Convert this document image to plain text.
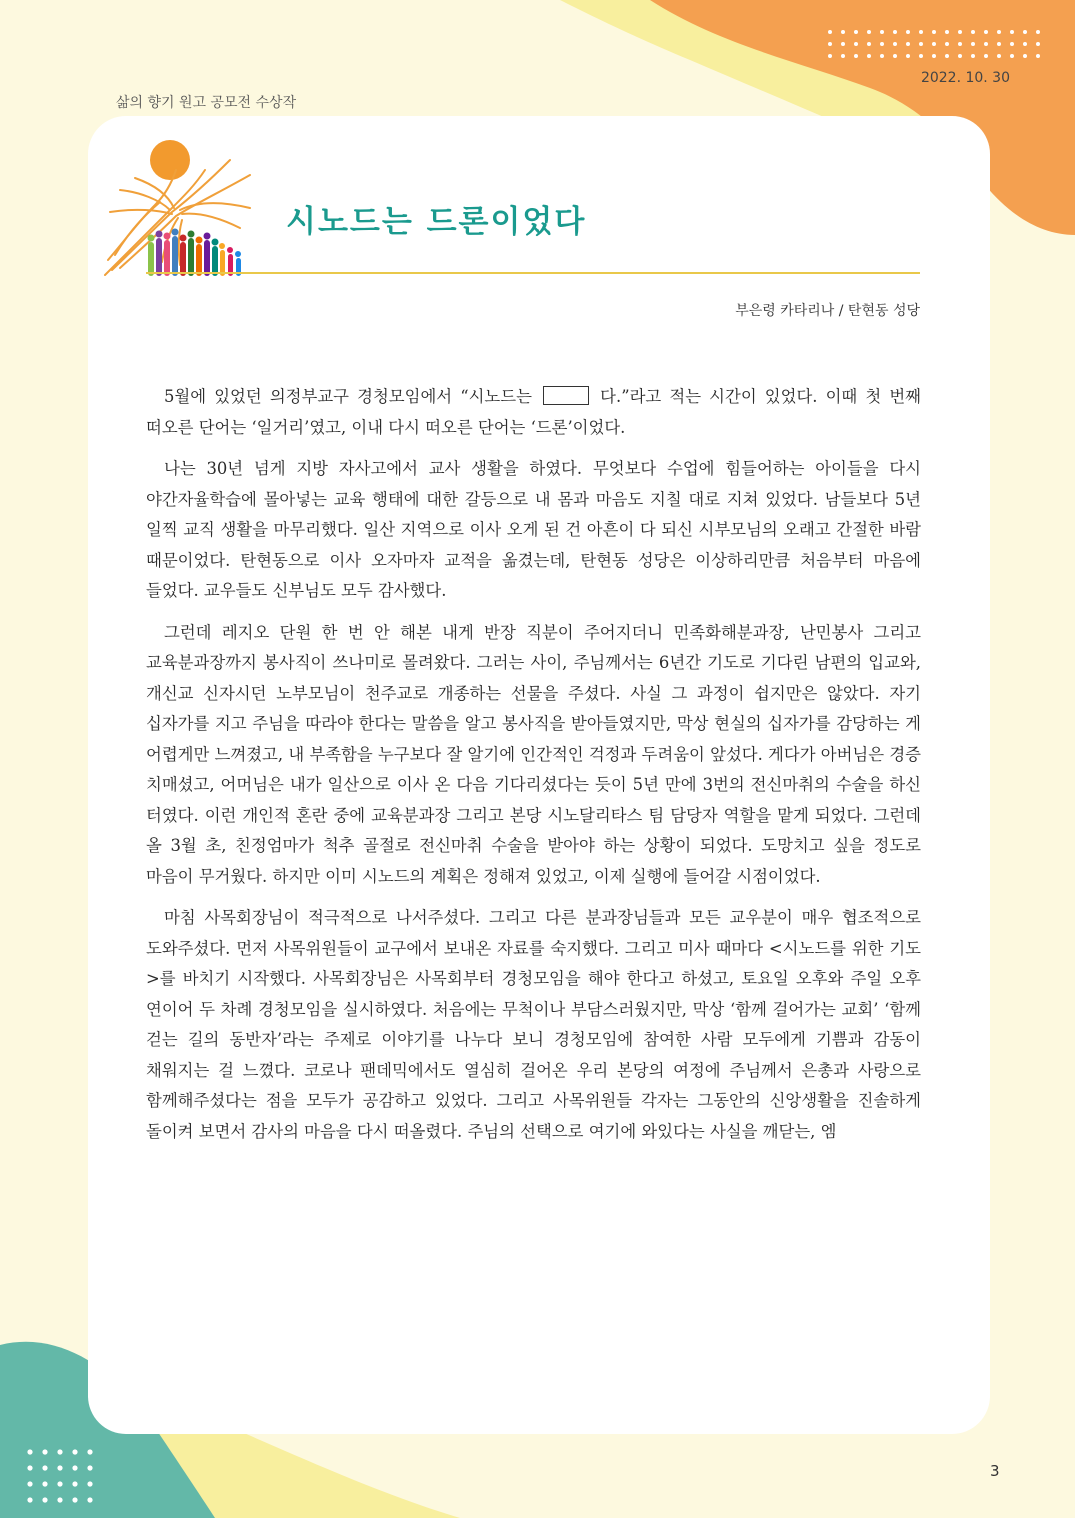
삶의 향기 원고 공모전 수상작
2022. 10. 30
시노드는 드론이었다
부은령 카타리나 / 탄현동 성당

5월에 있었던 의정부교구 경청모임에서 “시노드는	다.”라고 적는 시간이 있었다. 이때 첫 번째 떠오른 단어는 ‘일거리’였고, 이내 다시 떠오른 단어는 ‘드론’이었다.

나는 30년 넘게 지방 자사고에서 교사 생활을 하였다. 무엇보다 수업에 힘들어하는 아이들을 다시 야간자율학습에 몰아넣는 교육 행태에 대한 갈등으로 내 몸과 마음도 지칠 대로 지쳐 있었다. 남들보다 5년 일찍 교직 생활을 마무리했다. 일산 지역으로 이사 오게 된 건 아흔이 다 되신 시부모님의 오래고 간절한 바람 때문이었다. 탄현동으로 이사 오자마자 교적을 옮겼는데, 탄현동 성당은 이상하리만큼 처음부터 마음에 들었다. 교우들도 신부님도 모두 감사했다.

그런데 레지오 단원 한 번 안 해본 내게 반장 직분이 주어지더니 민족화해분과장, 난민봉사 그리고 교육분과장까지 봉사직이 쓰나미로 몰려왔다. 그러는 사이, 주님께서는 6년간 기도로 기다린 남편의 입교와, 개신교 신자시던 노부모님이 천주교로 개종하는 선물을 주셨다. 사실 그 과정이 쉽지만은 않았다. 자기 십자가를 지고 주님을 따라야 한다는 말씀을 알고 봉사직을 받아들였지만, 막상 현실의 십자가를 감당하는 게 어렵게만 느껴졌고, 내 부족함을 누구보다 잘 알기에 인간적인 걱정과 두려움이 앞섰다. 게다가 아버님은 경증 치매셨고, 어머님은 내가 일산으로 이사 온 다음 기다리셨다는 듯이 5년 만에 3번의 전신마취의 수술을 하신 터였다. 이런 개인적 혼란 중에 교육분과장 그리고 본당 시노달리타스 팀 담당자 역할을 맡게 되었다. 그런데 올 3월 초, 친정엄마가 척추 골절로 전신마취 수술을 받아야 하는 상황이 되었다. 도망치고 싶을 정도로 마음이 무거웠다. 하지만 이미 시노드의 계획은 정해져 있었고, 이제 실행에 들어갈 시점이었다.

마침 사목회장님이 적극적으로 나서주셨다. 그리고 다른 분과장님들과 모든 교우분이 매우 협조적으로 도와주셨다. 먼저 사목위원들이 교구에서 보내온 자료를 숙지했다. 그리고 미사 때마다 <시노드를 위한 기도>를 바치기 시작했다. 사목회장님은 사목회부터 경청모임을 해야 한다고 하셨고, 토요일 오후와 주일 오후 연이어 두 차례 경청모임을 실시하였다. 처음에는 무척이나 부담스러웠지만, 막상 ‘함께 걸어가는 교회’ ‘함께 걷는 길의 동반자’라는 주제로 이야기를 나누다 보니 경청모임에 참여한 사람 모두에게 기쁨과 감동이 채워지는 걸 느꼈다. 코로나 팬데믹에서도 열심히 걸어온 우리 본당의 여정에 주님께서 은총과 사랑으로 함께해주셨다는 점을 모두가 공감하고 있었다. 그리고 사목위원들 각자는 그동안의 신앙생활을 진솔하게 돌이켜 보면서 감사의 마음을 다시 떠올렸다. 주님의 선택으로 여기에 와있다는 사실을 깨닫는, 엠

3
